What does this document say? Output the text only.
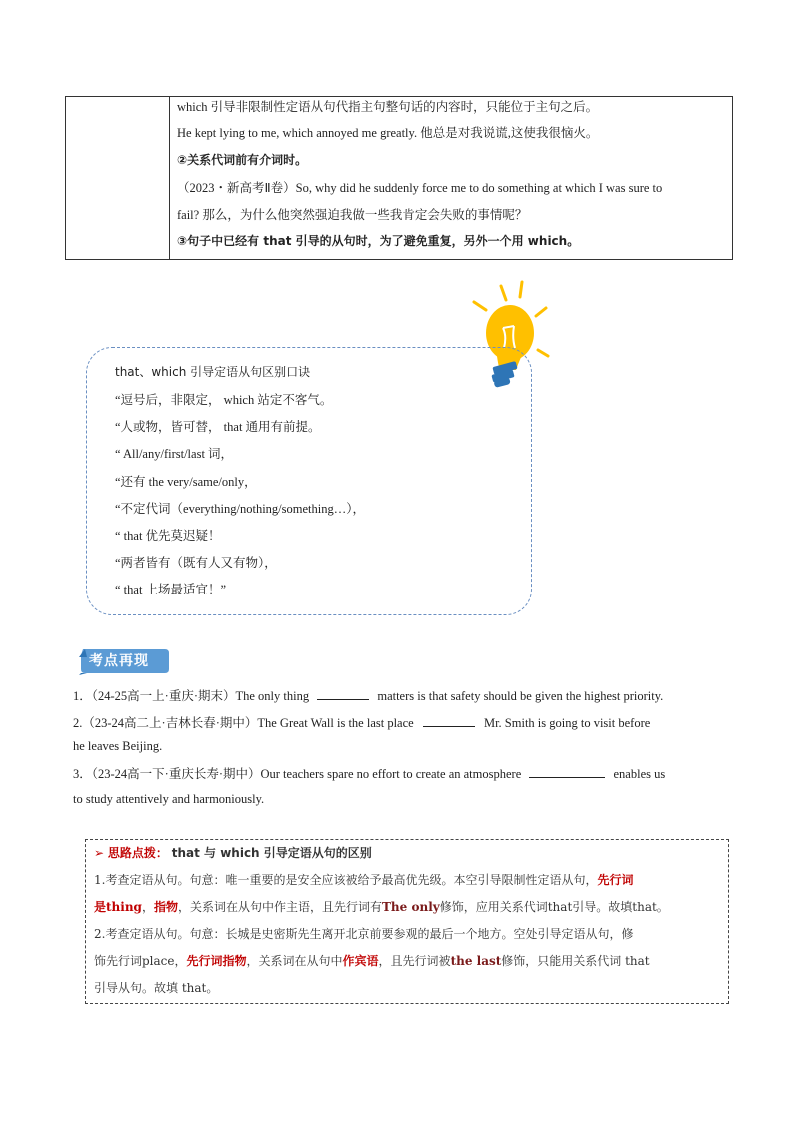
which 引导非限制性定语从句代指主句整句话的内容时，只能位于主句之后。
He kept lying to me, which annoyed me greatly. 他总是对我说谎,这使我很恼火。
②关系代词前有介词时。
（2023・新高考Ⅱ卷）So, why did he suddenly force me to do something at which I was sure to
fail? 那么，为什么他突然强迫我做一些我肯定会失败的事情呢？
③句子中已经有 that 引导的从句时，为了避免重复，另外一个用 which。
that、which 引导定语从句区别口诀
“逗号后，非限定， which 站定不客气。
“人或物，皆可替， that 通用有前提。
“ All/any/first/last 词，
“还有 the very/same/only，
“不定代词（everything/nothing/something…），
“ that 优先莫迟疑！
“两者皆有（既有人又有物），
“ that 上场最适宜！”
考点再现
1．（24-25高一上·重庆·期末）The only thing	matters is that safety should be given the highest priority.
2.（23-24高二上·吉林长春·期中）The Great Wall is the last place	Mr. Smith is going to visit before
he leaves Beijing.
3．（23-24高一下·重庆长寿·期中）Our teachers spare no effort to create an atmosphere	enables us
to study attentively and harmoniously.
➢ 思路点拨： that 与 which 引导定语从句的区别
1.考查定语从句。句意：唯一重要的是安全应该被给予最高优先级。本空引导限制性定语从句，先行词
是thing，指物，关系词在从句中作主语，且先行词有The only修饰，应用关系代词that引导。故填that。
2.考查定语从句。句意：长城是史密斯先生离开北京前要参观的最后一个地方。空处引导定语从句，修
饰先行词place，先行词指物，关系词在从句中作宾语，且先行词被the last修饰，只能用关系代词 that
引导从句。故填 that。
